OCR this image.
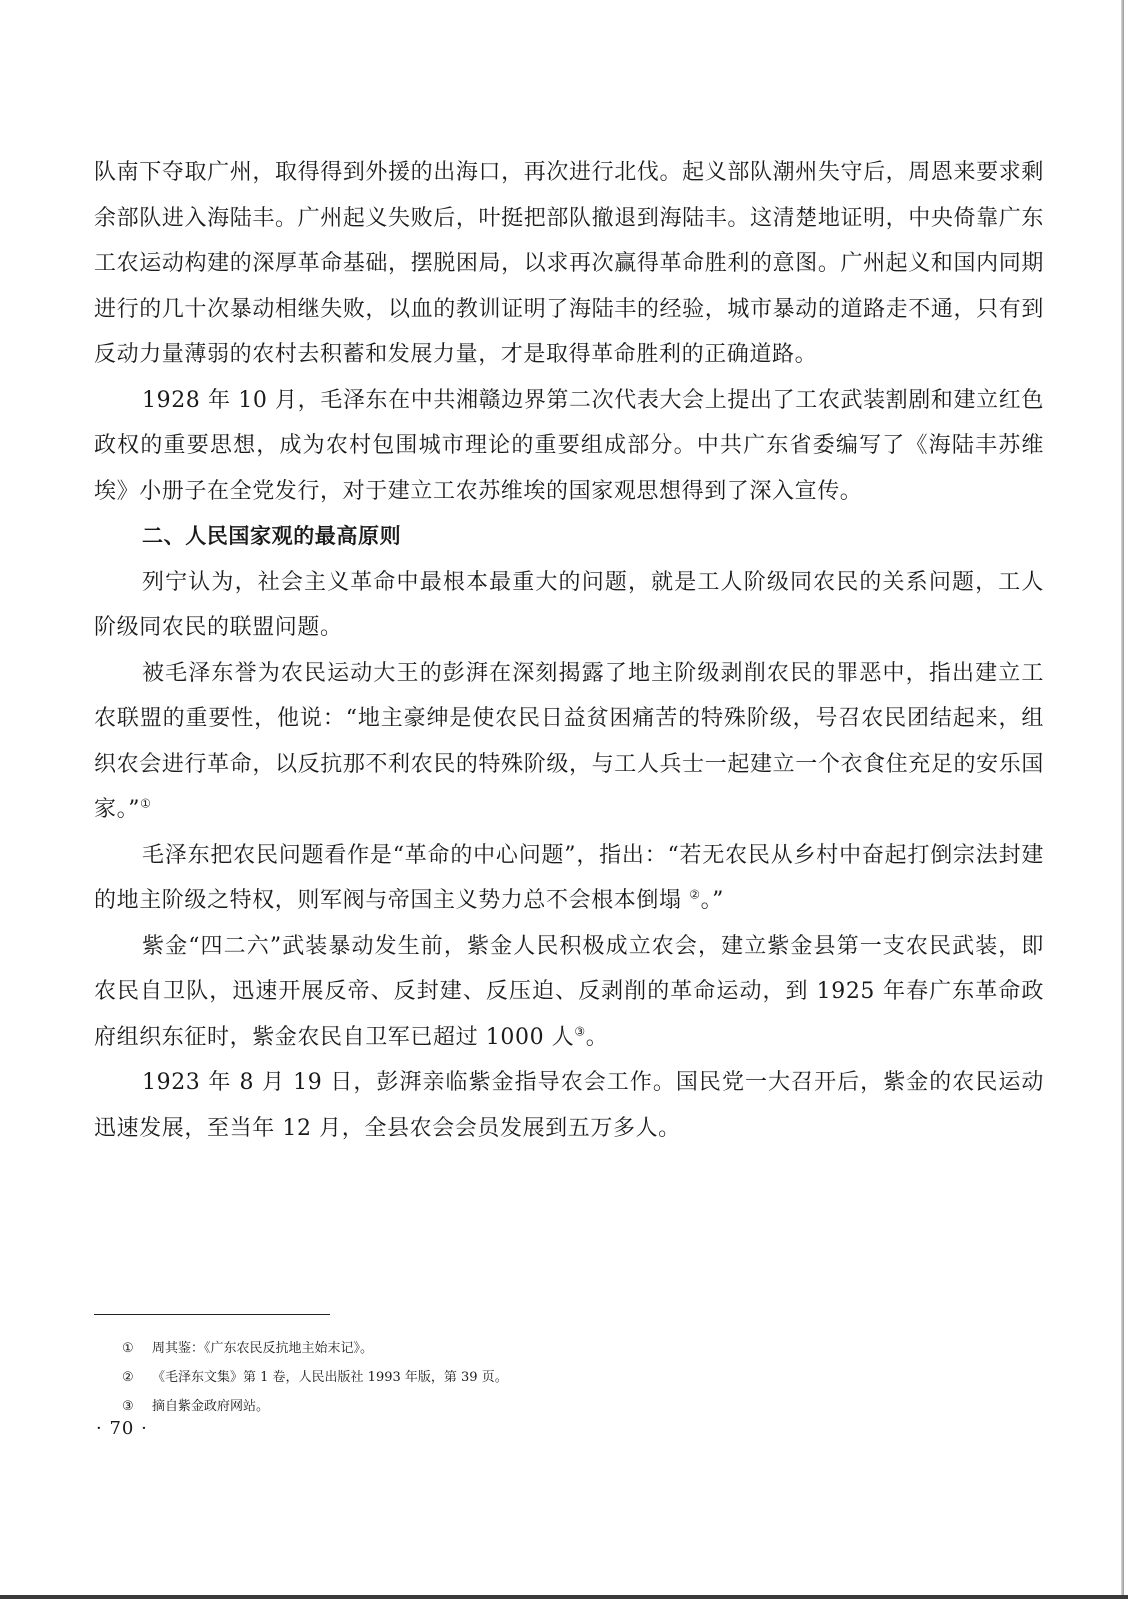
队南下夺取广州，取得得到外援的出海口，再次进行北伐。起义部队潮州失守后，周恩来要求剩余部队进入海陆丰。广州起义失败后，叶挺把部队撤退到海陆丰。这清楚地证明，中央倚靠广东工农运动构建的深厚革命基础，摆脱困局，以求再次赢得革命胜利的意图。广州起义和国内同期进行的几十次暴动相继失败，以血的教训证明了海陆丰的经验，城市暴动的道路走不通，只有到反动力量薄弱的农村去积蓄和发展力量，才是取得革命胜利的正确道路。

1928 年 10 月，毛泽东在中共湘赣边界第二次代表大会上提出了工农武装割剧和建立红色政权的重要思想，成为农村包围城市理论的重要组成部分。中共广东省委编写了《海陆丰苏维埃》小册子在全党发行，对于建立工农苏维埃的国家观思想得到了深入宣传。

二、人民国家观的最高原则

列宁认为，社会主义革命中最根本最重大的问题，就是工人阶级同农民的关系问题，工人阶级同农民的联盟问题。

被毛泽东誉为农民运动大王的彭湃在深刻揭露了地主阶级剥削农民的罪恶中，指出建立工农联盟的重要性，他说：“地主豪绅是使农民日益贫困痛苦的特殊阶级，号召农民团结起来，组织农会进行革命，以反抗那不利农民的特殊阶级，与工人兵士一起建立一个衣食住充足的安乐国家。”①

毛泽东把农民问题看作是“革命的中心问题”，指出：“若无农民从乡村中奋起打倒宗法封建的地主阶级之特权，则军阀与帝国主义势力总不会根本倒塌 ②。”

紫金“四二六”武装暴动发生前，紫金人民积极成立农会，建立紫金县第一支农民武装，即农民自卫队，迅速开展反帝、反封建、反压迫、反剥削的革命运动，到 1925 年春广东革命政府组织东征时，紫金农民自卫军已超过 1000 人③。

1923 年 8 月 19 日，彭湃亲临紫金指导农会工作。国民党一大召开后，紫金的农民运动迅速发展，至当年 12 月，全县农会会员发展到五万多人。

① 周其鉴：《广东农民反抗地主始末记》。
② 《毛泽东文集》第 1 卷，人民出版社 1993 年版，第 39 页。
③ 摘自紫金政府网站。
· 70 ·
